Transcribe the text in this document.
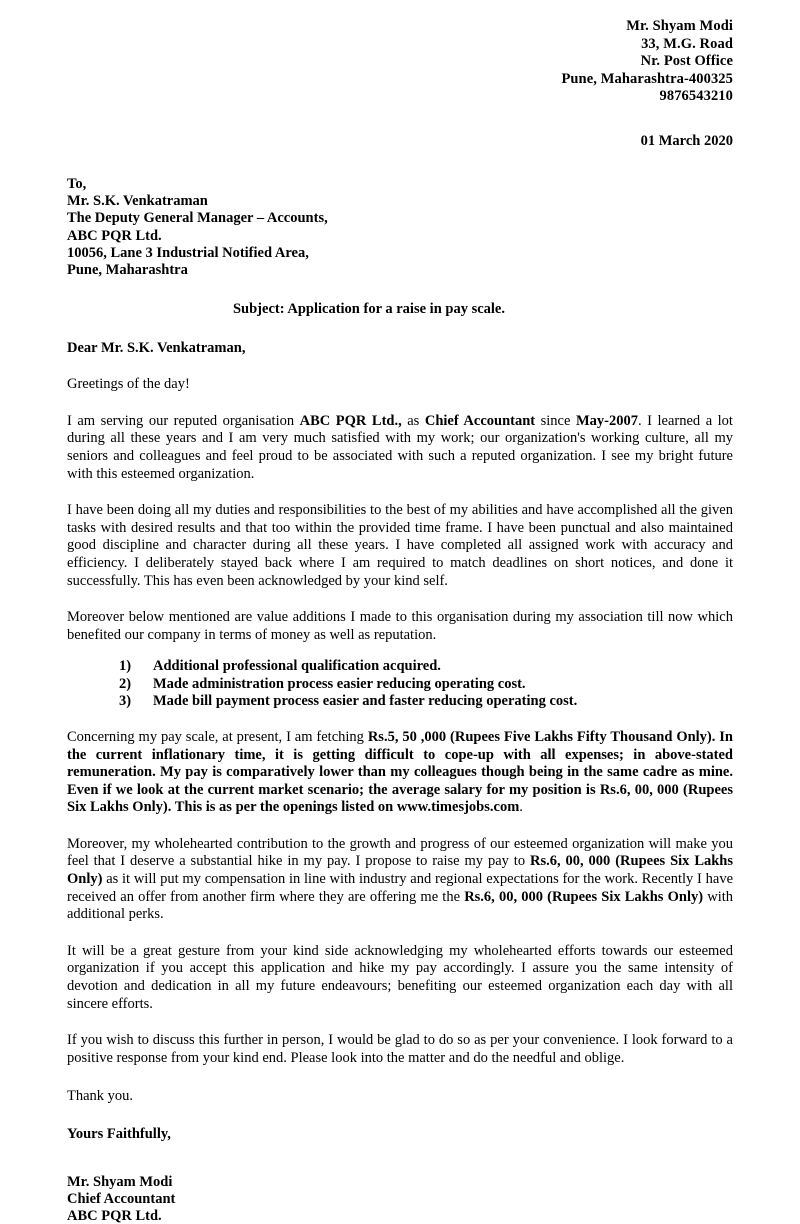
Mr. Shyam Modi
33, M.G. Road
Nr. Post Office
Pune, Maharashtra-400325
9876543210
01 March 2020
To,
Mr. S.K. Venkatraman
The Deputy General Manager – Accounts,
ABC PQR Ltd.
10056, Lane 3 Industrial Notified Area,
Pune, Maharashtra
Subject: Application for a raise in pay scale.
Dear Mr. S.K. Venkatraman,

Greetings of the day!

I am serving our reputed organisation ABC PQR Ltd., as Chief Accountant since May-2007. I learned a lot during all these years and I am very much satisfied with my work; our organization's working culture, all my seniors and colleagues and feel proud to be associated with such a reputed organization. I see my bright future with this esteemed organization.

I have been doing all my duties and responsibilities to the best of my abilities and have accomplished all the given tasks with desired results and that too within the provided time frame. I have been punctual and also maintained good discipline and character during all these years. I have completed all assigned work with accuracy and efficiency. I deliberately stayed back where I am required to match deadlines on short notices, and done it successfully. This has even been acknowledged by your kind self.

Moreover below mentioned are value additions I made to this organisation during my association till now which benefited our company in terms of money as well as reputation.

Additional professional qualification acquired.
Made administration process easier reducing operating cost.
Made bill payment process easier and faster reducing operating cost.

Concerning my pay scale, at present, I am fetching Rs.5, 50 ,000 (Rupees Five Lakhs Fifty Thousand Only). In the current inflationary time, it is getting difficult to cope-up with all expenses; in above-stated remuneration. My pay is comparatively lower than my colleagues though being in the same cadre as mine. Even if we look at the current market scenario; the average salary for my position is Rs.6, 00, 000 (Rupees Six Lakhs Only). This is as per the openings listed on www.timesjobs.com.

Moreover, my wholehearted contribution to the growth and progress of our esteemed organization will make you feel that I deserve a substantial hike in my pay. I propose to raise my pay to Rs.6, 00, 000 (Rupees Six Lakhs Only) as it will put my compensation in line with industry and regional expectations for the work. Recently I have received an offer from another firm where they are offering me the Rs.6, 00, 000 (Rupees Six Lakhs Only) with additional perks.

It will be a great gesture from your kind side acknowledging my wholehearted efforts towards our esteemed organization if you accept this application and hike my pay accordingly. I assure you the same intensity of devotion and dedication in all my future endeavours; benefiting our esteemed organization each day with all sincere efforts.

If you wish to discuss this further in person, I would be glad to do so as per your convenience. I look forward to a positive response from your kind end. Please look into the matter and do the needful and oblige.

Thank you.
Yours Faithfully,
Mr. Shyam Modi
Chief Accountant
ABC PQR Ltd.
